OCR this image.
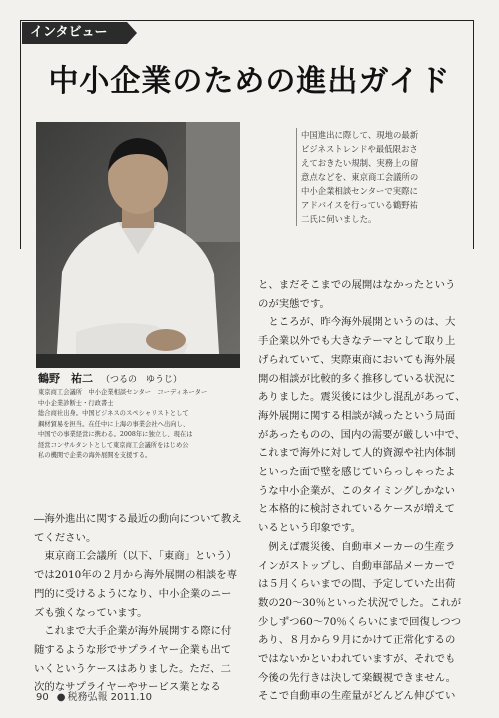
インタビュー
中小企業のための進出ガイド

中国進出に際して、現地の最新

ビジネストレンドや最低限おさ

えておきたい規制、実務上の留

意点などを、東京商工会議所の

中小企業相談センターで実際に

アドバイスを行っている鶴野祐

二氏に伺いました。

鶴野　祐二 （つるの　ゆうじ）

東京商工会議所　中小企業相談センター　コーディネーター

中小企業診断士・行政書士

総合商社出身。中国ビジネスのスペシャリストとして

鋼材貿易を担当。在任中に上海の事業会社へ出向し、

中国での事業経営に携わる。2008年に独立し、現在は

経営コンサルタントとして東京商工会議所をはじめ公

私の機関で企業の海外展開を支援する。

―海外進出に関する最近の動向について教え

てください。

　東京商工会議所（以下、「東商」という）

では2010年の２月から海外展開の相談を専

門的に受けるようになり、中小企業のニー

ズも強くなっています。

　これまで大手企業が海外展開する際に付

随するような形でサプライヤー企業も出て

いくというケースはありました。ただ、二

次的なサプライヤーやサービス業となる

と、まだそこまでの展開はなかったという

のが実態です。

　ところが、昨今海外展開というのは、大

手企業以外でも大きなテーマとして取り上

げられていて、実際東商においても海外展

開の相談が比較的多く推移している状況に

ありました。震災後には少し混乱があって、

海外展開に関する相談が減ったという局面

があったものの、国内の需要が厳しい中で、

これまで海外に対して人的資源や社内体制

といった面で壁を感じていらっしゃったよ

うな中小企業が、このタイミングしかない

と本格的に検討されているケースが増えて

いるという印象です。

　例えば震災後、自動車メーカーの生産ラ

インがストップし、自動車部品メーカーで

は５月くらいまでの間、予定していた出荷

数の20～30％といった状況でした。これが

少しずつ60～70％くらいにまで回復しつつ

あり、８月から９月にかけて正常化するの

ではないかといわれていますが、それでも

今後の先行きは決して楽観視できません。

そこで自動車の生産量がどんどん伸びてい

90 ● 税務弘報 2011.10
